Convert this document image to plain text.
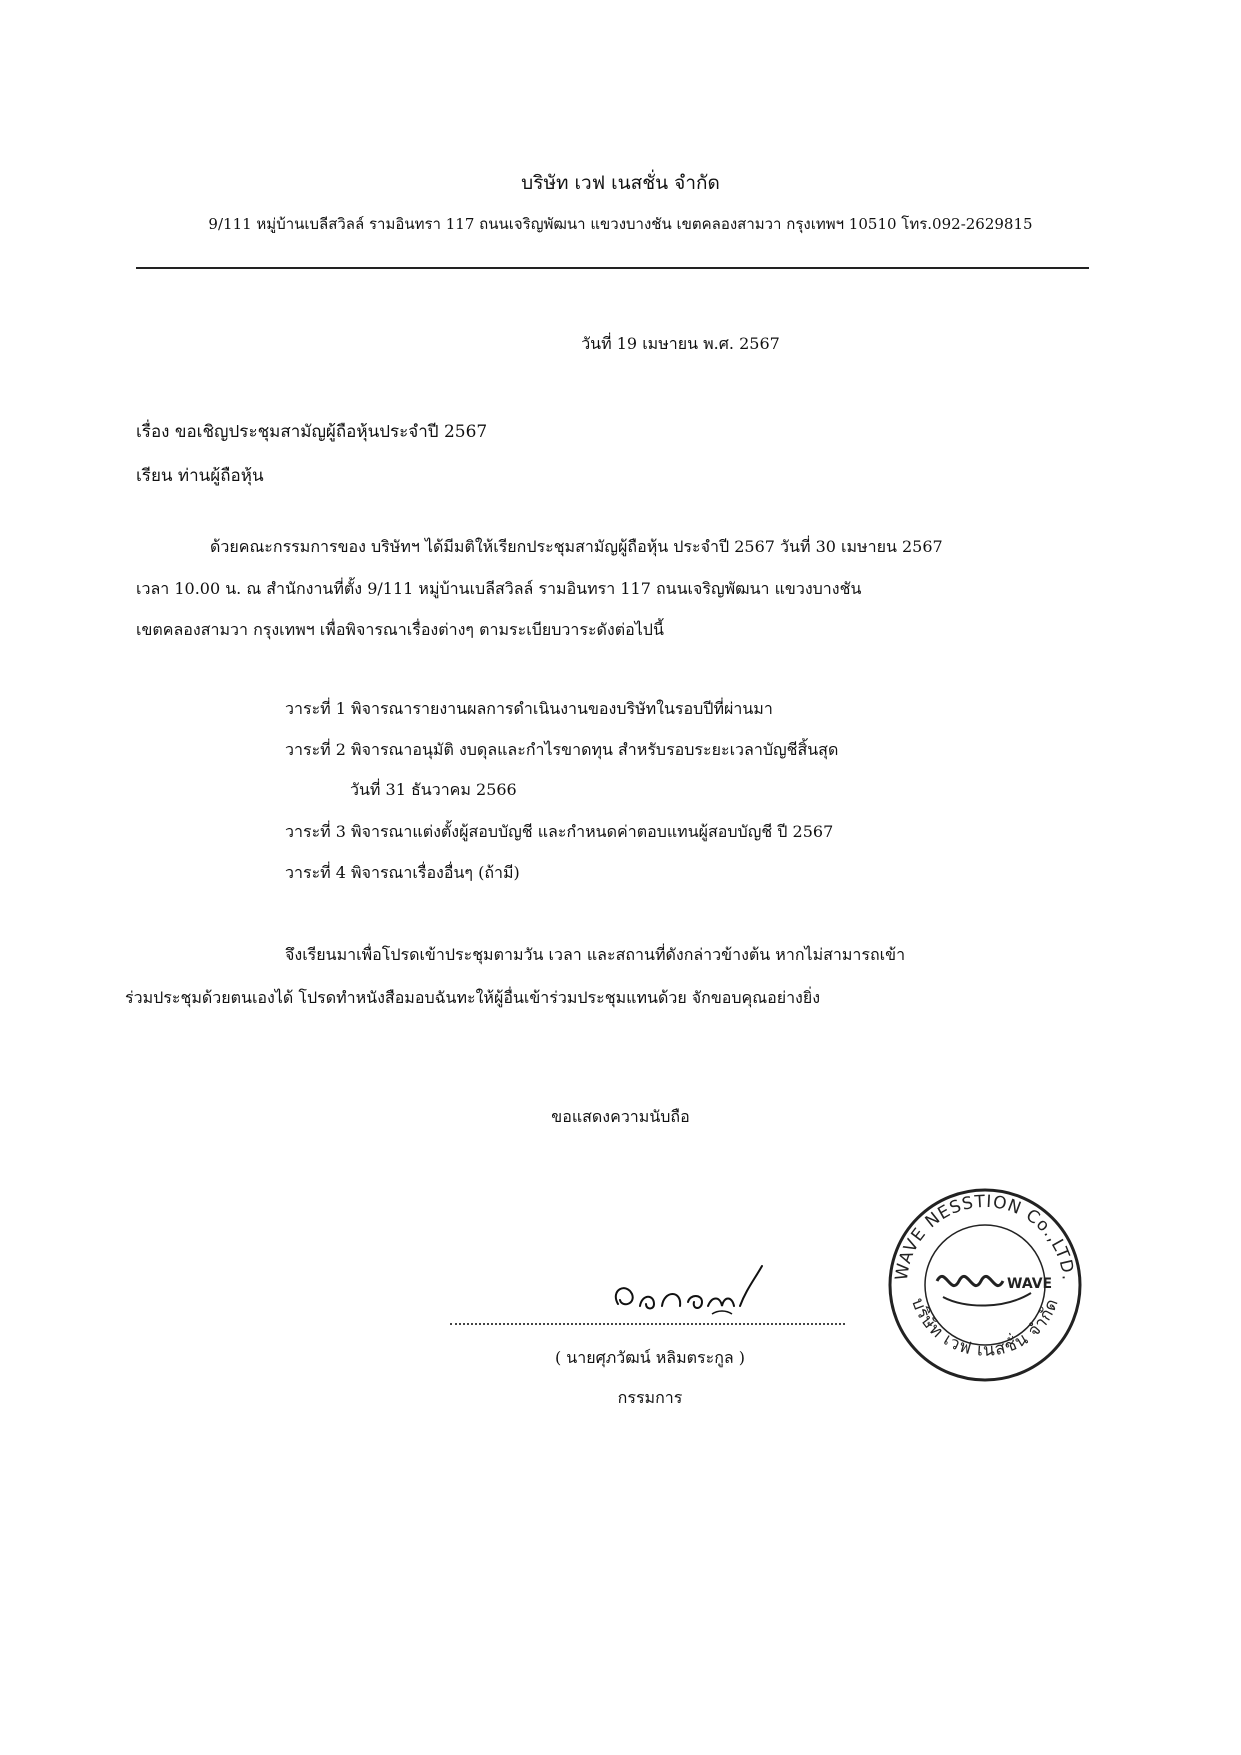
บริษัท เวฟ เนสชั่น จำกัด
9/111 หมู่บ้านเบลีสวิลล์ รามอินทรา 117 ถนนเจริญพัฒนา แขวงบางชัน เขตคลองสามวา กรุงเทพฯ 10510 โทร.092-2629815
วันที่ 19 เมษายน พ.ศ. 2567
เรื่อง ขอเชิญประชุมสามัญผู้ถือหุ้นประจำปี 2567
เรียน ท่านผู้ถือหุ้น
ด้วยคณะกรรมการของ บริษัทฯ ได้มีมติให้เรียกประชุมสามัญผู้ถือหุ้น ประจำปี 2567 วันที่ 30 เมษายน 2567
เวลา 10.00 น. ณ สำนักงานที่ตั้ง 9/111 หมู่บ้านเบลีสวิลล์ รามอินทรา 117 ถนนเจริญพัฒนา แขวงบางชัน
เขตคลองสามวา กรุงเทพฯ เพื่อพิจารณาเรื่องต่างๆ ตามระเบียบวาระดังต่อไปนี้
วาระที่ 1 พิจารณารายงานผลการดำเนินงานของบริษัทในรอบปีที่ผ่านมา
วาระที่ 2 พิจารณาอนุมัติ งบดุลและกำไรขาดทุน สำหรับรอบระยะเวลาบัญชีสิ้นสุด
วันที่ 31 ธันวาคม 2566
วาระที่ 3 พิจารณาแต่งตั้งผู้สอบบัญชี และกำหนดค่าตอบแทนผู้สอบบัญชี ปี 2567
วาระที่ 4 พิจารณาเรื่องอื่นๆ (ถ้ามี)
จึงเรียนมาเพื่อโปรดเข้าประชุมตามวัน เวลา และสถานที่ดังกล่าวข้างต้น หากไม่สามารถเข้า
ร่วมประชุมด้วยตนเองได้ โปรดทำหนังสือมอบฉันทะให้ผู้อื่นเข้าร่วมประชุมแทนด้วย จักขอบคุณอย่างยิ่ง
ขอแสดงความนับถือ
( นายศุภวัฒน์ หลิมตระกูล )
กรรมการ
WAVE NESSTION Co.,LTD.
บริษัท เวฟ เนสชั่น จำกัด
WAVE
